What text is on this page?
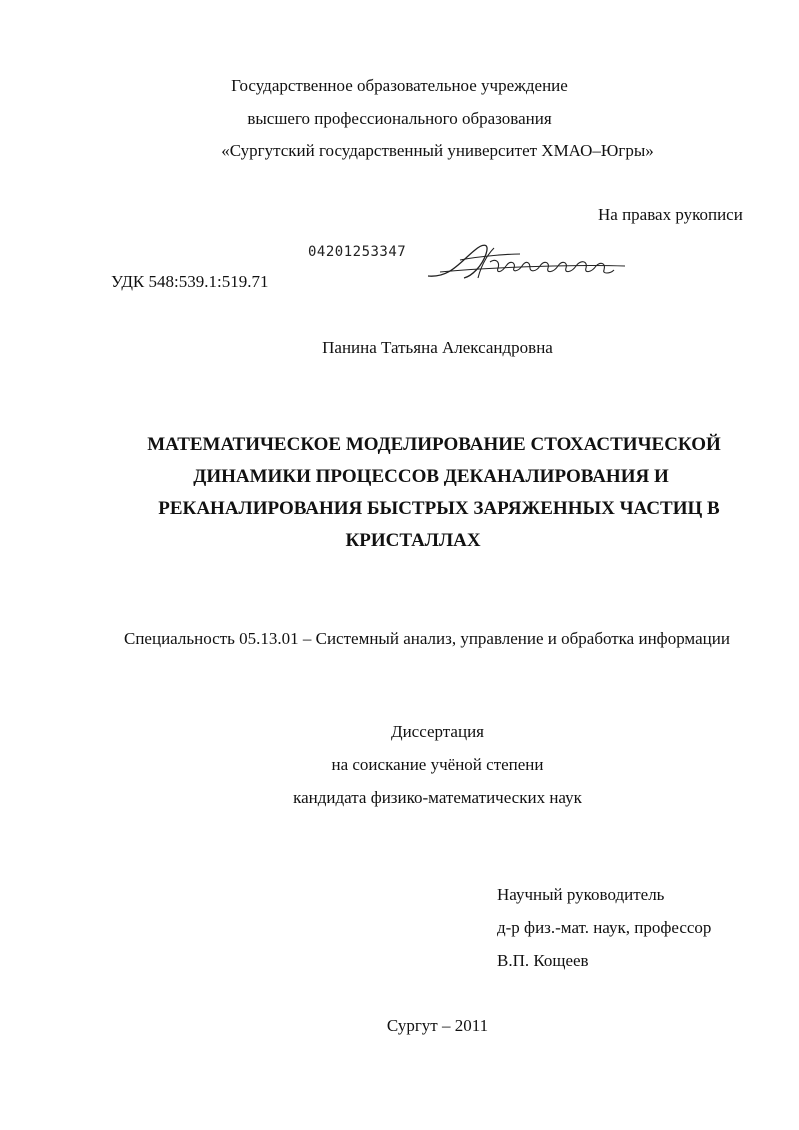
Государственное образовательное учреждение
высшего профессионального образования
«Сургутский государственный университет ХМАО–Югры»
На правах рукописи
04201253347
УДК 548:539.1:519.71
Панина Татьяна Александровна
МАТЕМАТИЧЕСКОЕ МОДЕЛИРОВАНИЕ СТОХАСТИЧЕСКОЙ
ДИНАМИКИ ПРОЦЕССОВ ДЕКАНАЛИРОВАНИЯ И
РЕКАНАЛИРОВАНИЯ БЫСТРЫХ ЗАРЯЖЕННЫХ ЧАСТИЦ В
КРИСТАЛЛАХ
Специальность 05.13.01 – Системный анализ, управление и обработка информации
Диссертация
на соискание учёной степени
кандидата физико-математических наук
Научный руководитель
д-р физ.-мат. наук, профессор
В.П. Кощеев
Сургут – 2011
